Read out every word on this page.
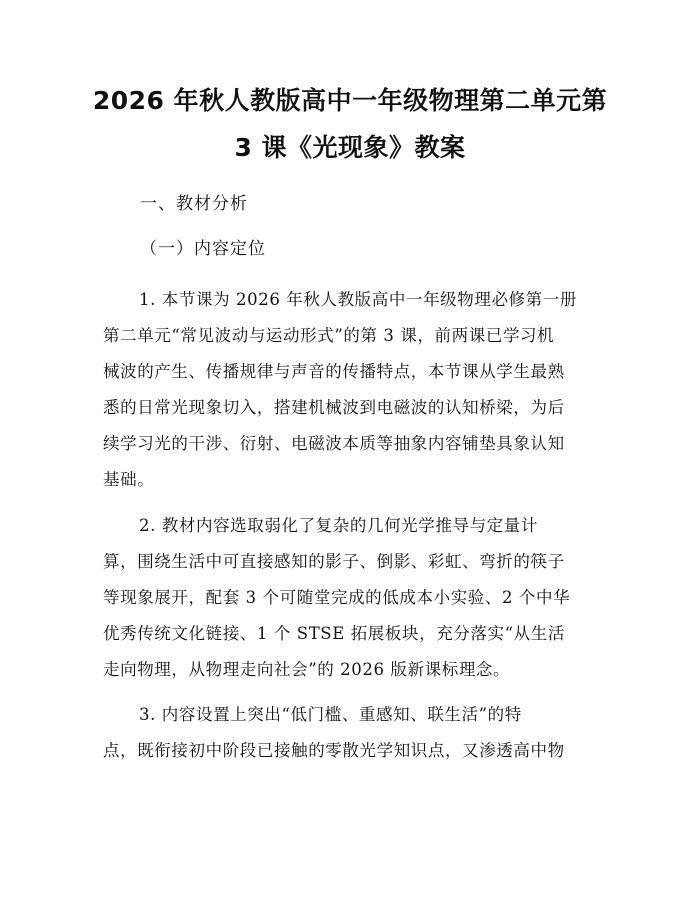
2026 年秋人教版高中一年级物理第二单元第
3 课《光现象》教案

一、教材分析

（一）内容定位

1. 本节课为 2026 年秋人教版高中一年级物理必修第一册
第二单元“常见波动与运动形式”的第 3 课，前两课已学习机
械波的产生、传播规律与声音的传播特点，本节课从学生最熟
悉的日常光现象切入，搭建机械波到电磁波的认知桥梁，为后
续学习光的干涉、衍射、电磁波本质等抽象内容铺垫具象认知
基础。
2. 教材内容选取弱化了复杂的几何光学推导与定量计
算，围绕生活中可直接感知的影子、倒影、彩虹、弯折的筷子
等现象展开，配套 3 个可随堂完成的低成本小实验、2 个中华
优秀传统文化链接、1 个 STSE 拓展板块，充分落实“从生活
走向物理，从物理走向社会”的 2026 版新课标理念。
3. 内容设置上突出“低门槛、重感知、联生活”的特
点，既衔接初中阶段已接触的零散光学知识点，又渗透高中物
